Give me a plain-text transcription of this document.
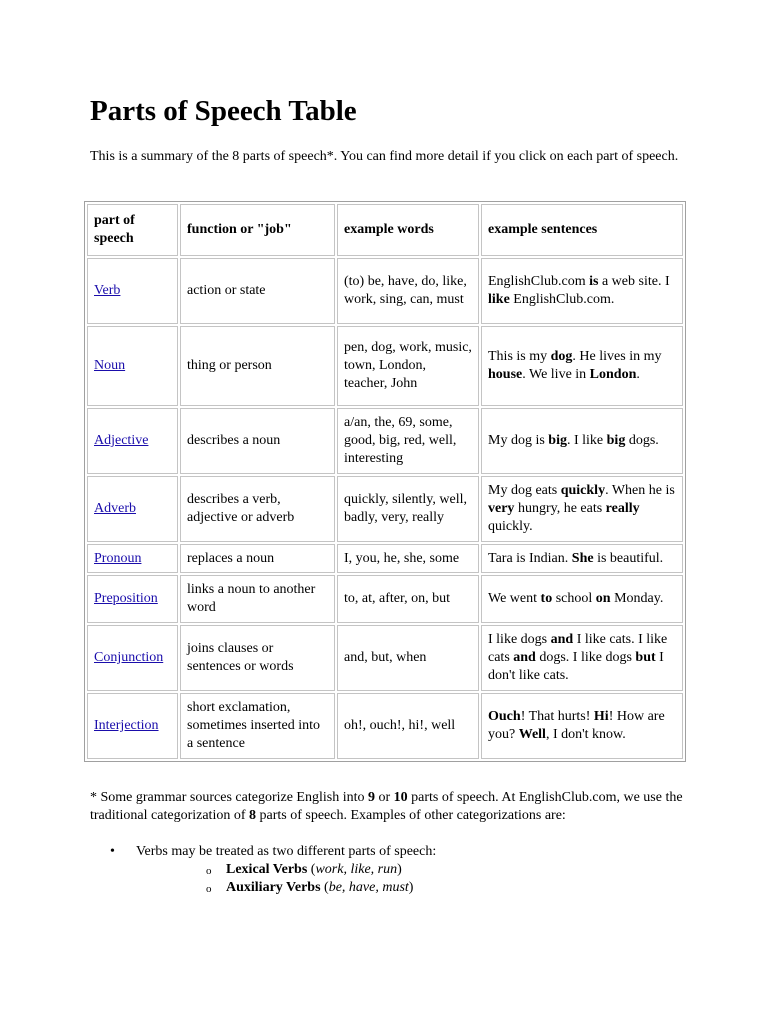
Parts of Speech Table

This is a summary of the 8 parts of speech*. You can find more detail if you click on each part of speech.

part of speech	function or "job"	example words	example sentences
Verb	action or state	(to) be, have, do, like, work, sing, can, must	EnglishClub.com is a web site. I like EnglishClub.com.
Noun	thing or person	pen, dog, work, music, town, London, teacher, John	This is my dog. He lives in my house. We live in London.
Adjective	describes a noun	a/an, the, 69, some, good, big, red, well, interesting	My dog is big. I like big dogs.
Adverb	describes a verb, adjective or adverb	quickly, silently, well, badly, very, really	My dog eats quickly. When he is very hungry, he eats really quickly.
Pronoun	replaces a noun	I, you, he, she, some	Tara is Indian. She is beautiful.
Preposition	links a noun to another word	to, at, after, on, but	We went to school on Monday.
Conjunction	joins clauses or sentences or words	and, but, when	I like dogs and I like cats. I like cats and dogs. I like dogs but I don't like cats.
Interjection	short exclamation, sometimes inserted into a sentence	oh!, ouch!, hi!, well	Ouch! That hurts! Hi! How are you? Well, I don't know.

* Some grammar sources categorize English into 9 or 10 parts of speech. At EnglishClub.com, we use the traditional categorization of 8 parts of speech. Examples of other categorizations are:

• Verbs may be treated as two different parts of speech:
o Lexical Verbs (work, like, run)
o Auxiliary Verbs (be, have, must)
